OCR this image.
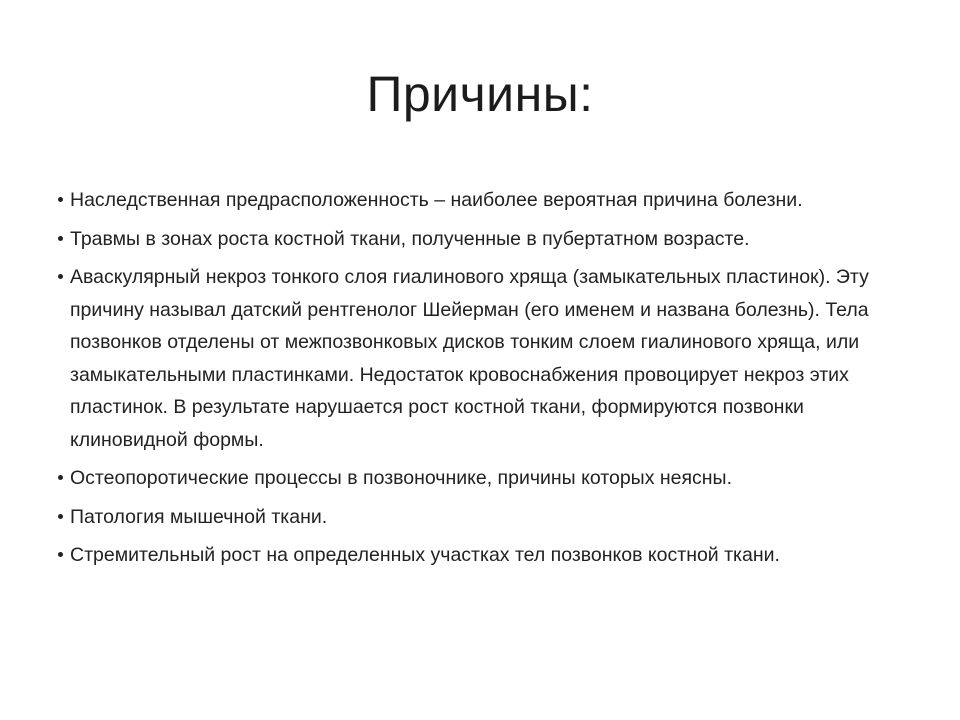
Причины:
Наследственная предрасположенность – наиболее вероятная причина болезни.
Травмы в зонах роста костной ткани, полученные в пубертатном возрасте.
Аваскулярный некроз тонкого слоя гиалинового хряща (замыкательных пластинок). Эту причину называл датский рентгенолог Шейерман (его именем и названа болезнь). Тела позвонков отделены от межпозвонковых дисков тонким слоем гиалинового хряща, или замыкательными пластинками. Недостаток кровоснабжения провоцирует некроз этих пластинок. В результате нарушается рост костной ткани, формируются позвонки клиновидной формы.
Остеопоротические процессы в позвоночнике, причины которых неясны.
Патология мышечной ткани.
Стремительный рост на определенных участках тел позвонков костной ткани.
